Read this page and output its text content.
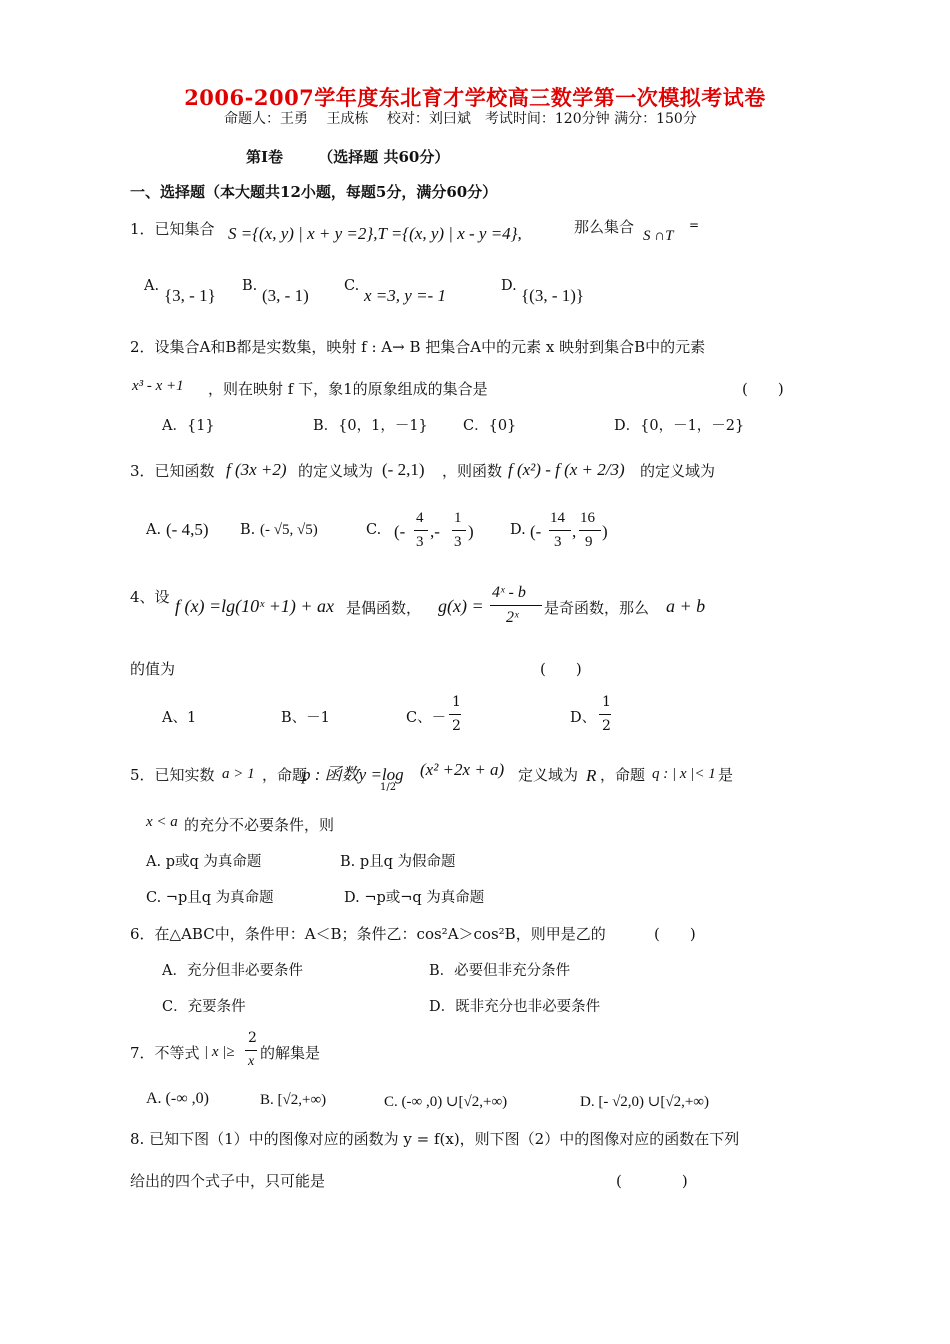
2006-2007学年度东北育才学校高三数学第一次模拟考试卷
命题人：王勇　 王成栋　 校对：刘曰斌　考试时间：120分钟 满分：150分
第Ⅰ卷　　 （选择题 共60分）
一、选择题（本大题共12小题，每题5分，满分60分）
1．已知集合 S ={(x, y) | x + y =2},T ={(x, y) | x - y =4},	那么集合 S ∩T
=
A. {3, - 1} B. (3, - 1) C. x =3, y =- 1	D. {(3, - 1)}
2．设集合A和B都是实数集，映射 f : A→ B 把集合A中的元素 x 映射到集合B中的元素
x³ - x +1 ，则在映射 f 下，象1的原象组成的集合是	(　　)
A．{1}	B．{0，1，－1} C．{0}	D．{0，－1，－2}
3．已知函数 f (3x +2) 的定义域为 (- 2,1) ，则函数 f (x²) - f (x + 2/3) 的定义域为
A. (- 4,5) B. (- √5, √5)	C. (-
4
3
,-
1
3
)	D. (-
14
3
,
16
9
)
4、设 f (x) =lg(10ˣ +1) + ax 是偶函数， g(x) =
4ˣ - b
2ˣ
是奇函数，那么 a + b
的值为	(　　)
A、1	B、－1	C、－
1
2	D、
1
2
5．已知实数 a > 1 ，命题
p : 函数y =log
1/2
(x² +2x + a) 定义域为 R ，命题 q : | x |< 1 是
x < a 的充分不必要条件，则
A. p或q 为真命题	B. p且q 为假命题
C. ¬p且q 为真命题	D. ¬p或¬q 为真命题
6．在△ABC中，条件甲：A＜B；条件乙：cos²A＞cos²B，则甲是乙的	(　　)
A．充分但非必要条件	B．必要但非充分条件
C．充要条件	D．既非充分也非必要条件
7．不等式 | x |≥
2
x 的解集是
A. (-∞ ,0)	B. [√2,+∞)	C. (-∞ ,0) ∪[√2,+∞)	D. [- √2,0) ∪[√2,+∞)
8. 已知下图（1）中的图像对应的函数为 y = f(x)，则下图（2）中的图像对应的函数在下列
给出的四个式子中，只可能是	(　　　　)
